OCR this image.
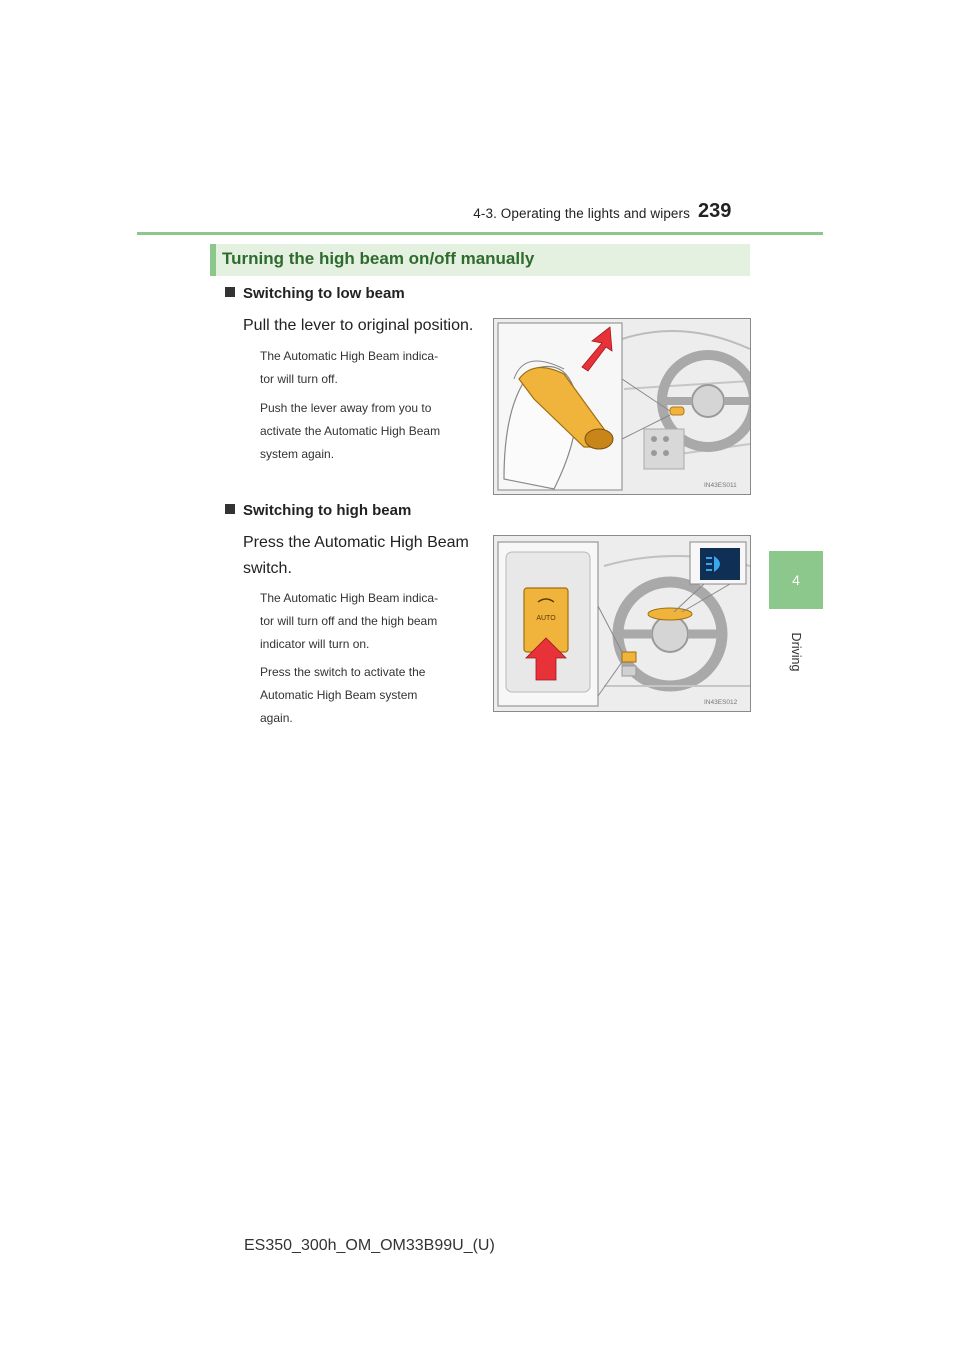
4-3. Operating the lights and wipers 239
4
Driving
Turning the high beam on/off manually
Switching to low beam
Pull the lever to original position.
The Automatic High Beam indica-
tor will turn off.
Push the lever away from you to
activate the Automatic High Beam
system again.
IN43ES011
Switching to high beam
Press the Automatic High Beam
switch.
The Automatic High Beam indica-
tor will turn off and the high beam
indicator will turn on.
Press the switch to activate the
Automatic High Beam system
again.
AUTO
IN43ES012
ES350_300h_OM_OM33B99U_(U)
